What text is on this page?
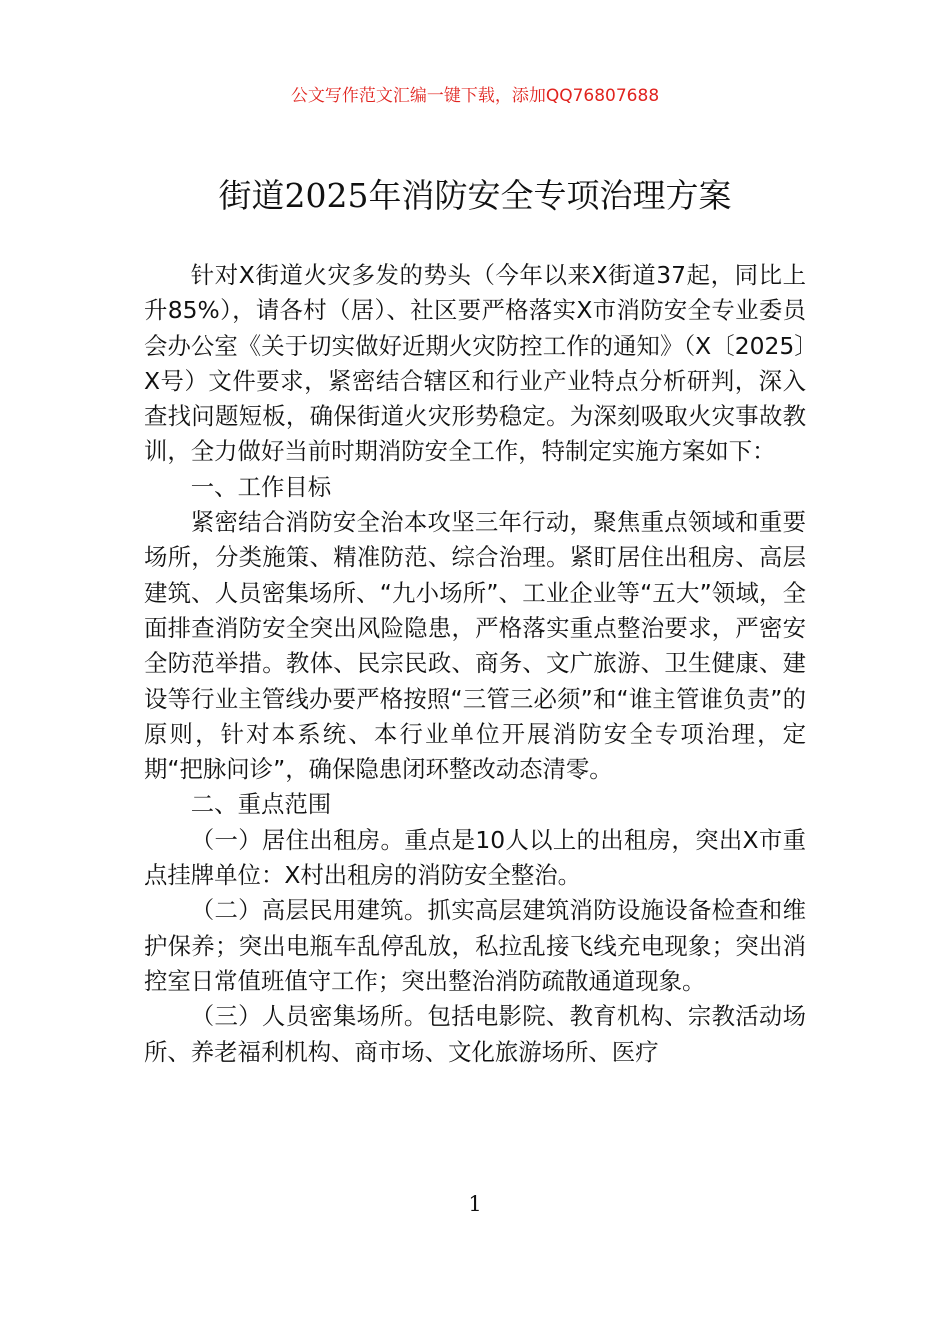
公文写作范文汇编一键下载，添加QQ76807688
街道2025年消防安全专项治理方案

针对X街道火灾多发的势头（今年以来X街道37起，同比上升85%），请各村（居）、社区要严格落实X市消防安全专业委员会办公室《关于切实做好近期火灾防控工作的通知》（X〔2025〕X号）文件要求，紧密结合辖区和行业产业特点分析研判，深入查找问题短板，确保街道火灾形势稳定。为深刻吸取火灾事故教训，全力做好当前时期消防安全工作，特制定实施方案如下：

一、工作目标

紧密结合消防安全治本攻坚三年行动，聚焦重点领域和重要场所，分类施策、精准防范、综合治理。紧盯居住出租房、高层建筑、人员密集场所、“九小场所”、工业企业等“五大”领域，全面排查消防安全突出风险隐患，严格落实重点整治要求，严密安全防范举措。教体、民宗民政、商务、文广旅游、卫生健康、建设等行业主管线办要严格按照“三管三必须”和“谁主管谁负责”的原则，针对本系统、本行业单位开展消防安全专项治理，定期“把脉问诊”，确保隐患闭环整改动态清零。

二、重点范围

（一）居住出租房。重点是10人以上的出租房，突出X市重点挂牌单位：X村出租房的消防安全整治。

（二）高层民用建筑。抓实高层建筑消防设施设备检查和维护保养；突出电瓶车乱停乱放，私拉乱接飞线充电现象；突出消控室日常值班值守工作；突出整治消防疏散通道现象。

（三）人员密集场所。包括电影院、教育机构、宗教活动场所、养老福利机构、商市场、文化旅游场所、医疗

1
